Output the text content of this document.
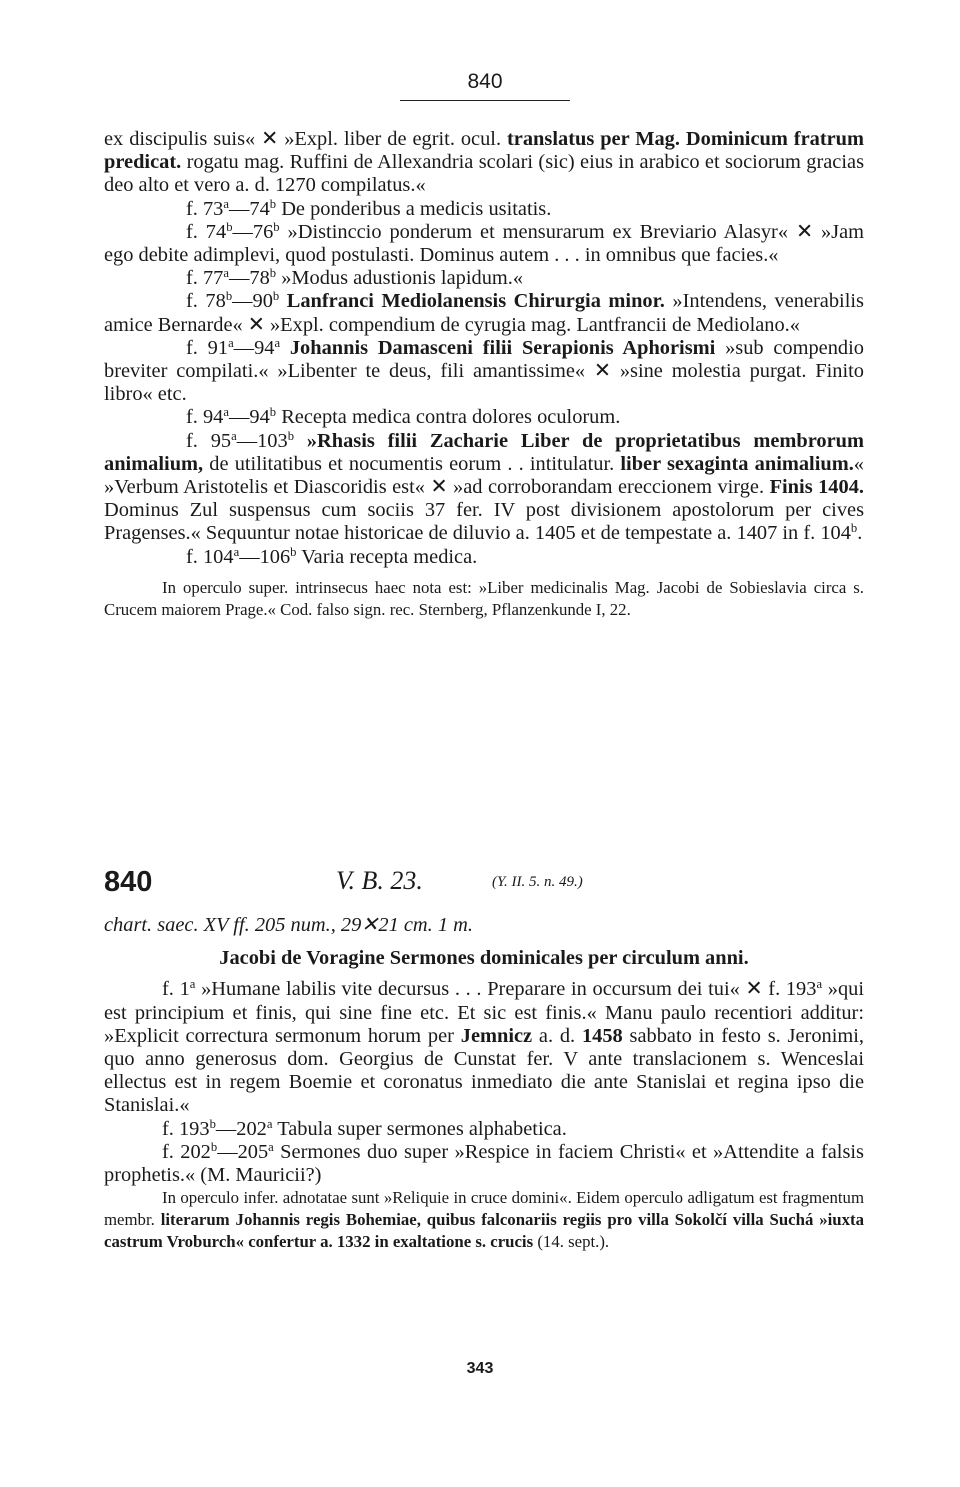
840

ex discipulis suis« ✕ »Expl. liber de egrit. ocul. translatus per Mag. Dominicum fratrum predicat. rogatu mag. Ruffini de Allexandria scolari (sic) eius in arabico et sociorum gracias deo alto et vero a. d. 1270 compilatus.«

f. 73$^a$—74$^b$ De ponderibus a medicis usitatis.

f. 74$^b$—76$^b$ »Distinccio ponderum et mensurarum ex Breviario Alasyr« ✕ »Jam ego debite adimplevi, quod postulasti. Dominus autem . . . in omnibus que facies.«

f. 77$^a$—78$^b$ »Modus adustionis lapidum.«

f. 78$^b$—90$^b$ Lanfranci Mediolanensis Chirurgia minor. »Intendens, venerabilis amice Bernarde« ✕ »Expl. compendium de cyrugia mag. Lantfrancii de Mediolano.«

f. 91$^a$—94$^a$ Johannis Damasceni filii Serapionis Aphorismi »sub compendio breviter compilati.« »Libenter te deus, fili amantissime« ✕ »sine molestia purgat. Finito libro« etc.

f. 94$^a$—94$^b$ Recepta medica contra dolores oculorum.

f. 95$^a$—103$^b$ »Rhasis filii Zacharie Liber de proprietatibus membrorum animalium, de utilitatibus et nocumentis eorum . . intitulatur. liber sexaginta animalium.« »Verbum Aristotelis et Diascoridis est« ✕ »ad corroborandam ereccionem virge. Finis 1404. Dominus Zul suspensus cum sociis 37 fer. IV post divisionem apostolorum per cives Pragenses.« Sequuntur notae historicae de diluvio a. 1405 et de tempestate a. 1407 in f. 104$^b$.

f. 104$^a$—106$^b$ Varia recepta medica.

In operculo super. intrinsecus haec nota est: »Liber medicinalis Mag. Jacobi de Sobieslavia circa s. Crucem maiorem Prage.« Cod. falso sign. rec. Sternberg, Pflanzenkunde I, 22.

840	V. B. 23.	(Y. II. 5. n. 49.)

chart. saec. XV ff. 205 num., 29✕21 cm. 1 m.

Jacobi de Voragine Sermones dominicales per circulum anni.

f. 1$^a$ »Humane labilis vite decursus . . . Preparare in occursum dei tui« ✕ f. 193$^a$ »qui est principium et finis, qui sine fine etc. Et sic est finis.« Manu paulo recentiori additur: »Explicit correctura sermonum horum per Jemnicz a. d. 1458 sabbato in festo s. Jeronimi, quo anno generosus dom. Georgius de Cunstat fer. V ante translacionem s. Wenceslai ellectus est in regem Boemie et coronatus inmediato die ante Stanislai et regina ipso die Stanislai.«

f. 193$^b$—202$^a$ Tabula super sermones alphabetica.

f. 202$^b$—205$^a$ Sermones duo super »Respice in faciem Christi« et »Attendite a falsis prophetis.« (M. Mauricii?)

In operculo infer. adnotatae sunt »Reliquie in cruce domini«. Eidem operculo adligatum est fragmentum membr. literarum Johannis regis Bohemiae, quibus falconariis regiis pro villa Sokolčí villa Suchá »iuxta castrum Vroburch« confertur a. 1332 in exaltatione s. crucis (14. sept.).

343
